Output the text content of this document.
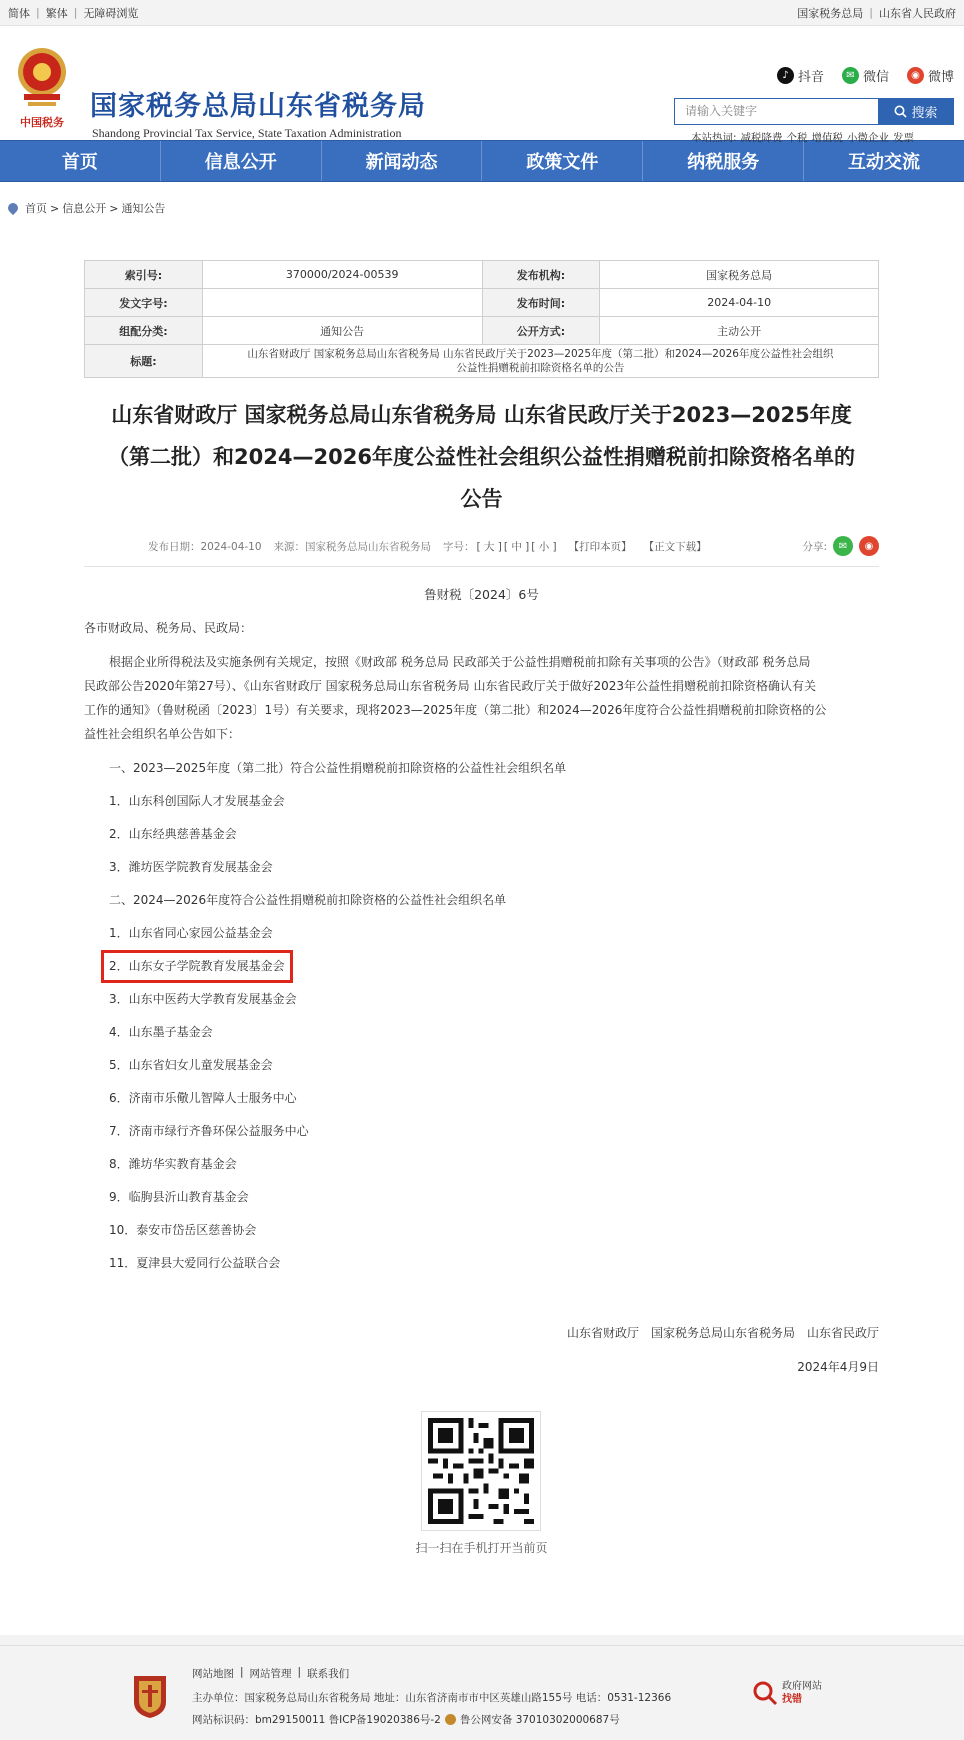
简体 | 繁体 | 无障碍浏览	国家税务总局 | 山东省人民政府
中国税务
国家税务总局山东省税务局
Shandong Provincial Tax Service, State Taxation Administration
♪ 抖音	✉ 微信	◉ 微博
请输入关键字	搜索
本站热词: 减税降费 个税 增值税 小微企业 发票
首页	信息公开	新闻动态	政策文件	纳税服务	互动交流
首页 > 信息公开 > 通知公告
索引号:	370000/2024-00539	发布机构:	国家税务总局
发文字号:		发布时间:	2024-04-10
组配分类:	通知公告	公开方式:	主动公开
标题:	山东省财政厅 国家税务总局山东省税务局 山东省民政厅关于2023—2025年度（第二批）和2024—2026年度公益性社会组织
公益性捐赠税前扣除资格名单的公告		
山东省财政厅 国家税务总局山东省税务局 山东省民政厅关于2023—2025年度
（第二批）和2024—2026年度公益性社会组织公益性捐赠税前扣除资格名单的
公告
发布日期：2024-04-10 来源：国家税务总局山东省税务局 字号： [ 大 ] [ 中 ] [ 小 ] 【打印本页】 【正文下载】	分享:	✉	◉
鲁财税〔2024〕6号
各市财政局、税务局、民政局：
根据企业所得税法及实施条例有关规定，按照《财政部 税务总局 民政部关于公益性捐赠税前扣除有关事项的公告》（财政部 税务总局
民政部公告2020年第27号）、《山东省财政厅 国家税务总局山东省税务局 山东省民政厅关于做好2023年公益性捐赠税前扣除资格确认有关
工作的通知》（鲁财税函〔2023〕1号）有关要求，现将2023—2025年度（第二批）和2024—2026年度符合公益性捐赠税前扣除资格的公
益性社会组织名单公告如下：
一、2023—2025年度（第二批）符合公益性捐赠税前扣除资格的公益性社会组织名单
1．山东科创国际人才发展基金会
2．山东经典慈善基金会
3．潍坊医学院教育发展基金会
二、2024—2026年度符合公益性捐赠税前扣除资格的公益性社会组织名单
1．山东省同心家园公益基金会
2．山东女子学院教育发展基金会
3．山东中医药大学教育发展基金会
4．山东墨子基金会
5．山东省妇女儿童发展基金会
6．济南市乐儆儿智障人士服务中心
7．济南市绿行齐鲁环保公益服务中心
8．潍坊华实教育基金会
9．临朐县沂山教育基金会
10．泰安市岱岳区慈善协会
11．夏津县大爱同行公益联合会
山东省财政厅　国家税务总局山东省税务局　山东省民政厅
2024年4月9日
扫一扫在手机打开当前页
网站地图 | 网站管理 | 联系我们
主办单位：国家税务总局山东省税务局 地址：山东省济南市市中区英雄山路155号 电话：0531-12366
网站标识码：bm29150011 鲁ICP备19020386号-2 鲁公网安备 37010302000687号
政府网站
找错
